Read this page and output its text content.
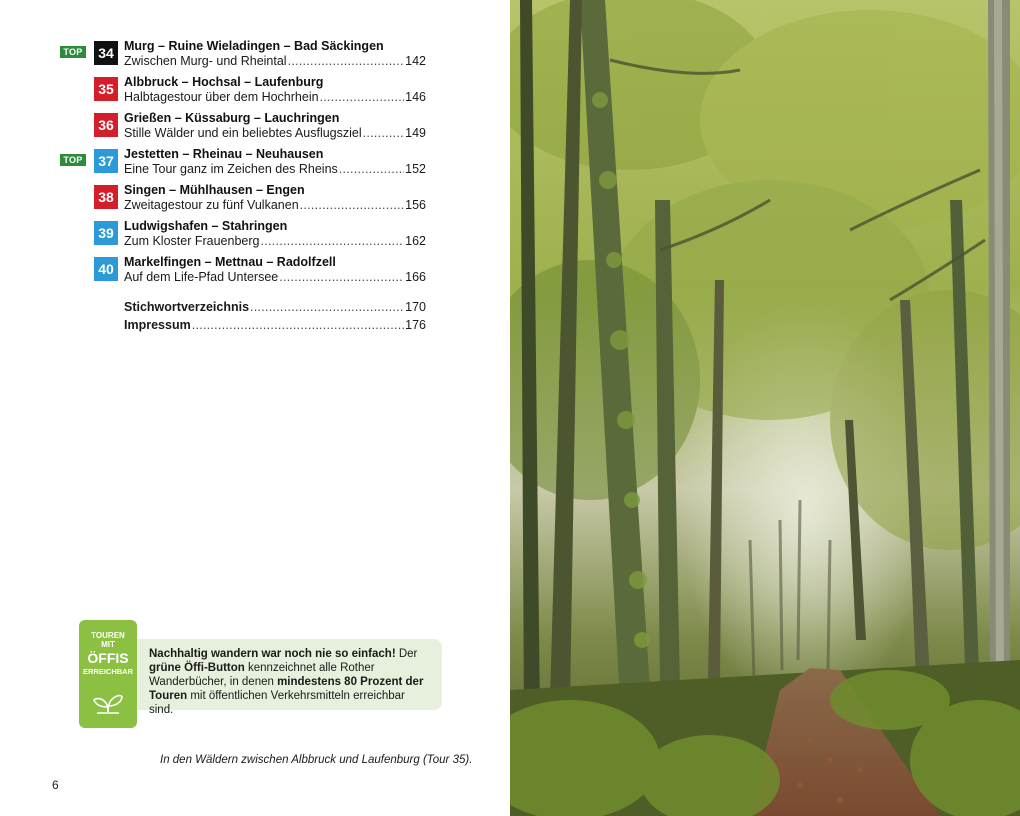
TOP	34 Murg – Ruine Wieladingen – Bad Säckingen
Zwischen Murg- und Rheintal . . .	142
35 Albbruck – Hochsal – Laufenburg
Halbtagestour über dem Hochrhein . . .	146
36 Grießen – Küssaburg – Lauchringen
Stille Wälder und ein beliebtes Ausflugsziel . . .	149
TOP	37 Jestetten – Rheinau – Neuhausen
Eine Tour ganz im Zeichen des Rheins . . .	152
38 Singen – Mühlhausen – Engen
Zweitagestour zu fünf Vulkanen . . .	156
39 Ludwigshafen – Stahringen
Zum Kloster Frauenberg . . .	162
40 Markelfingen – Mettnau – Radolfzell
Auf dem Life-Pfad Untersee . . .	166
Stichwortverzeichnis . . .	170
Impressum . . .	176
Nachhaltig wandern war noch nie so einfach! Der grüne Öffi-Button kennzeichnet alle Rother Wanderbücher, in denen mindestens 80 Prozent der Touren mit öffentlichen Verkehrsmitteln erreichbar sind.
TOUREN
MIT
ÖFFIS
ERREICHBAR
In den Wäldern zwischen Albbruck und Laufenburg (Tour 35).
6
